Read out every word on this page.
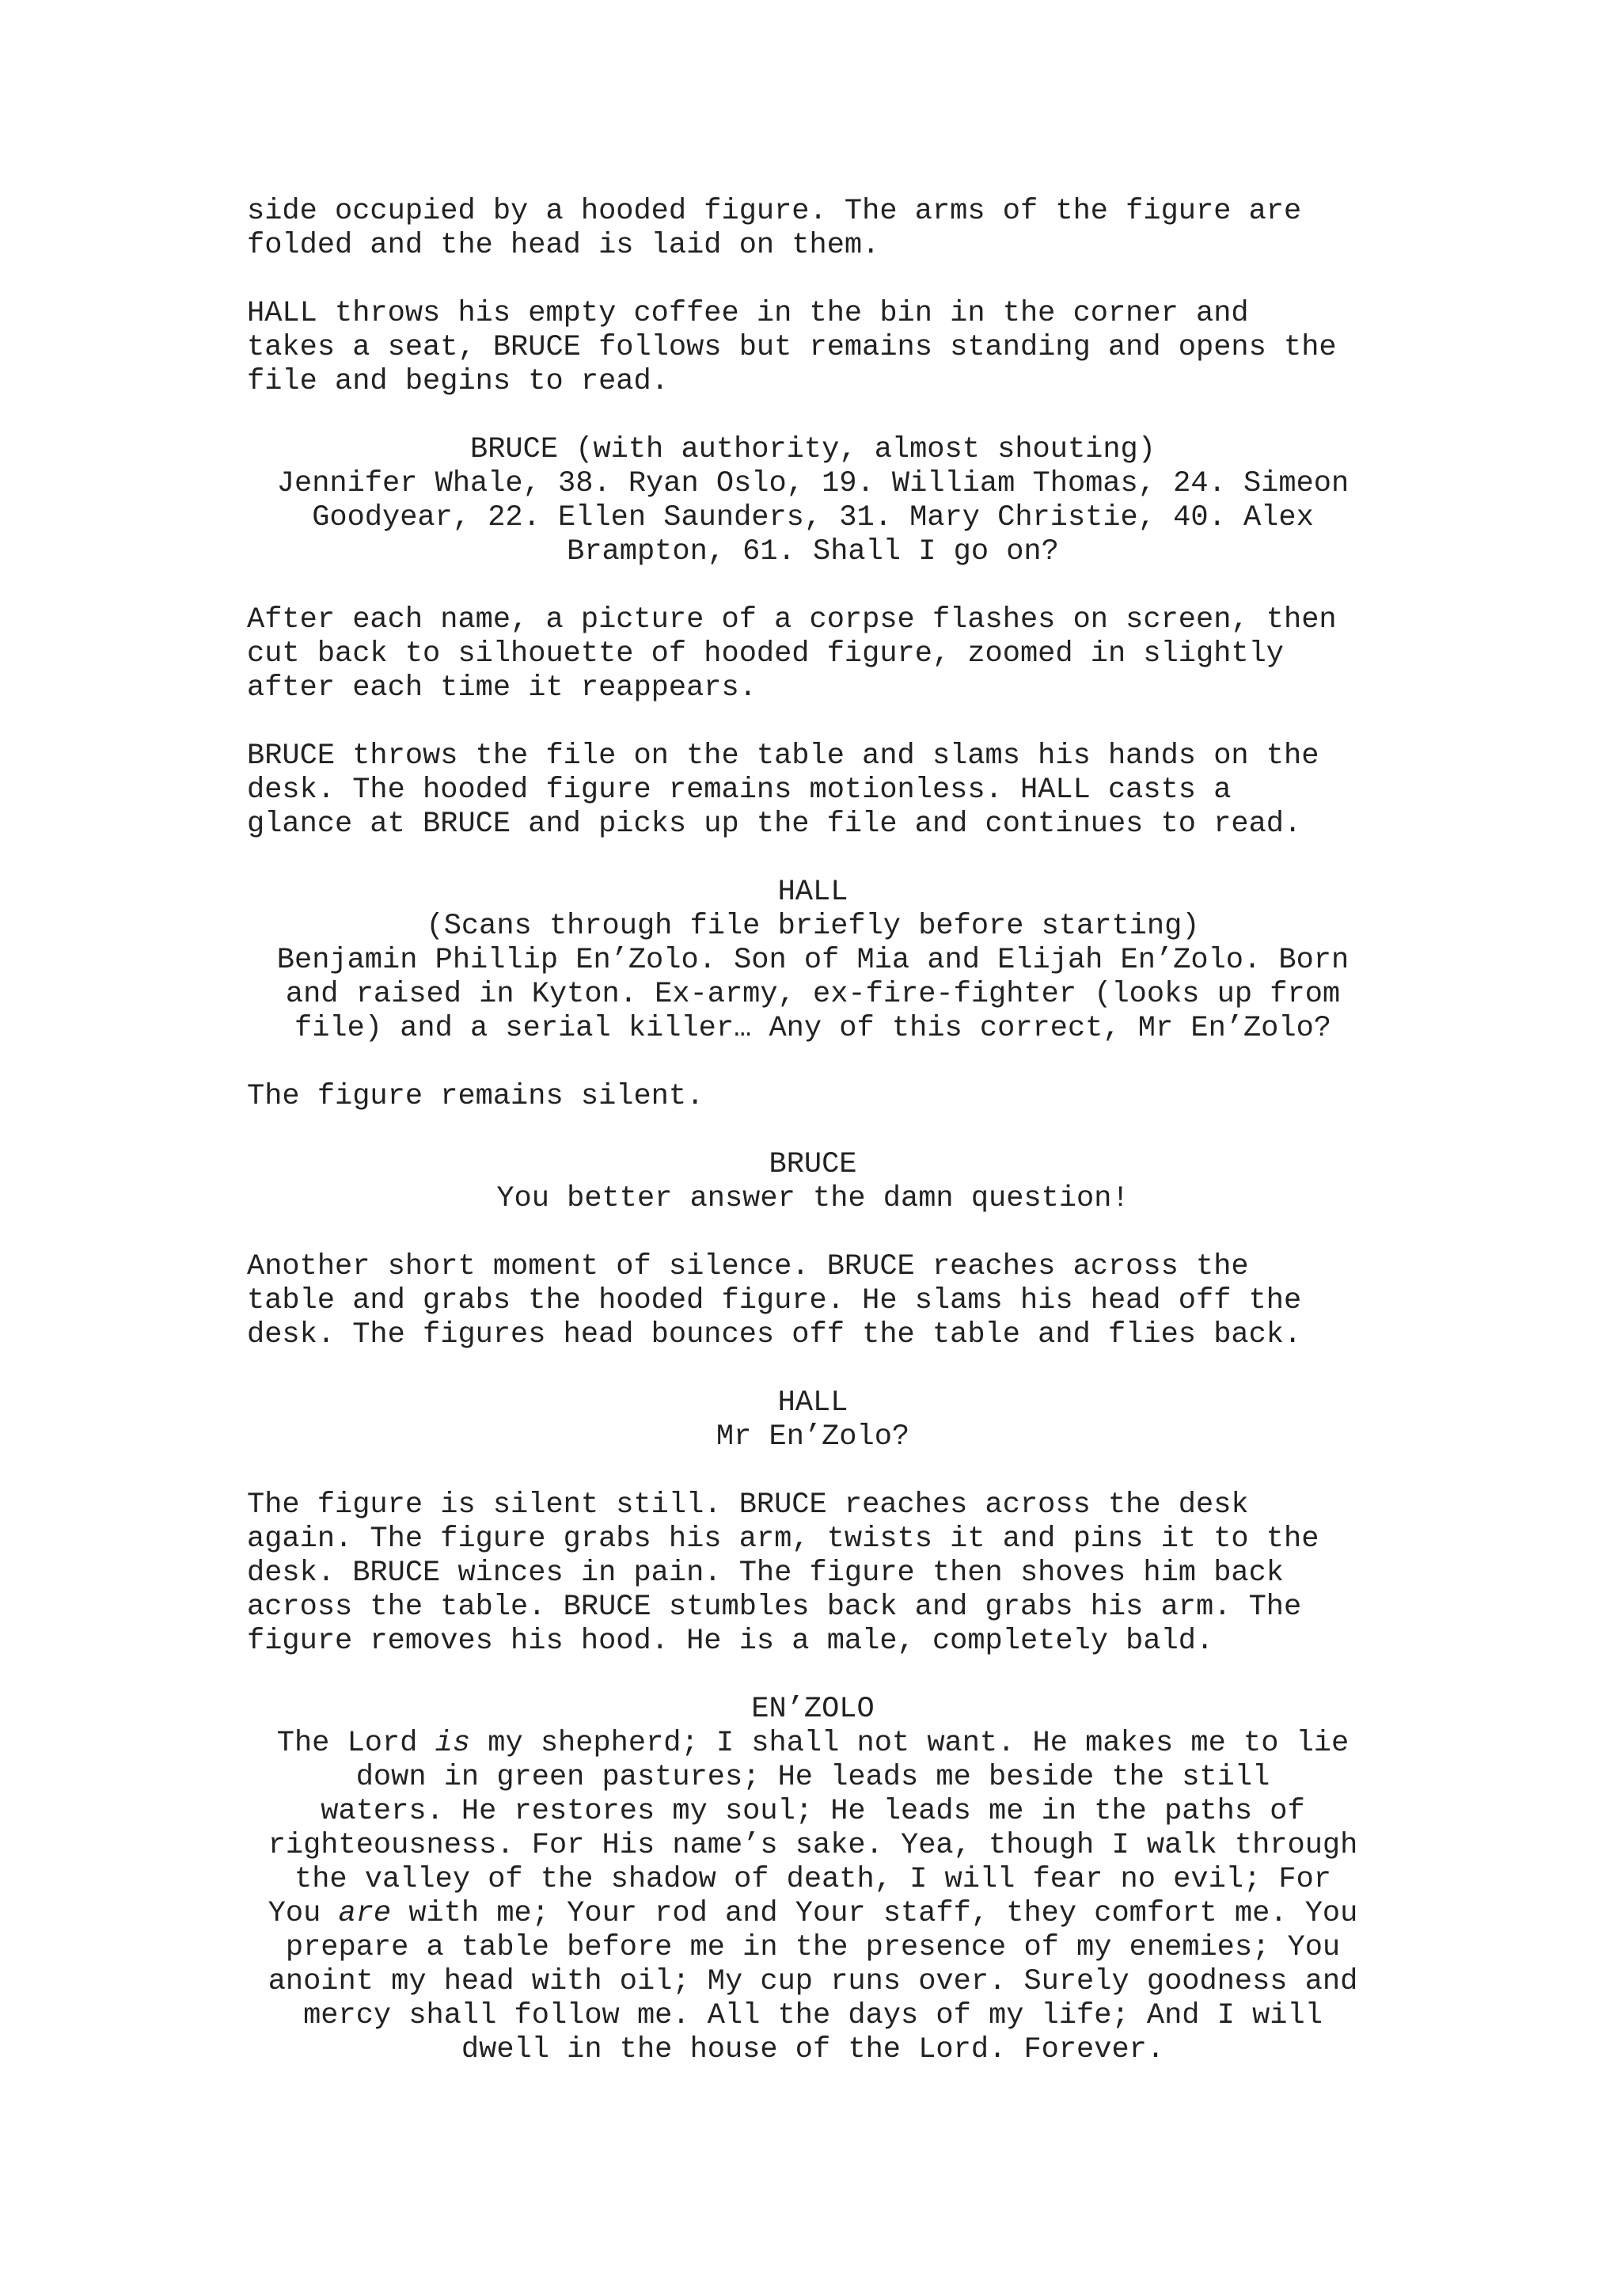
side occupied by a hooded figure. The arms of the figure are
folded and the head is laid on them.
HALL throws his empty coffee in the bin in the corner and
takes a seat, BRUCE follows but remains standing and opens the
file and begins to read.
BRUCE (with authority, almost shouting)
Jennifer Whale, 38. Ryan Oslo, 19. William Thomas, 24. Simeon
Goodyear, 22. Ellen Saunders, 31. Mary Christie, 40. Alex
Brampton, 61. Shall I go on?
After each name, a picture of a corpse flashes on screen, then
cut back to silhouette of hooded figure, zoomed in slightly
after each time it reappears.
BRUCE throws the file on the table and slams his hands on the
desk. The hooded figure remains motionless. HALL casts a
glance at BRUCE and picks up the file and continues to read.
HALL
(Scans through file briefly before starting)
Benjamin Phillip En’Zolo. Son of Mia and Elijah En’Zolo. Born
and raised in Kyton. Ex-army, ex-fire-fighter (looks up from
file) and a serial killer… Any of this correct, Mr En’Zolo?
The figure remains silent.
BRUCE
You better answer the damn question!
Another short moment of silence. BRUCE reaches across the
table and grabs the hooded figure. He slams his head off the
desk. The figures head bounces off the table and flies back.
HALL
Mr En’Zolo?
The figure is silent still. BRUCE reaches across the desk
again. The figure grabs his arm, twists it and pins it to the
desk. BRUCE winces in pain. The figure then shoves him back
across the table. BRUCE stumbles back and grabs his arm. The
figure removes his hood. He is a male, completely bald.
EN’ZOLO
The Lord is my shepherd; I shall not want. He makes me to lie
down in green pastures; He leads me beside the still
waters. He restores my soul; He leads me in the paths of
righteousness. For His name’s sake. Yea, though I walk through
the valley of the shadow of death, I will fear no evil; For
You are with me; Your rod and Your staff, they comfort me. You
prepare a table before me in the presence of my enemies; You
anoint my head with oil; My cup runs over. Surely goodness and
mercy shall follow me. All the days of my life; And I will
dwell in the house of the Lord. Forever.
